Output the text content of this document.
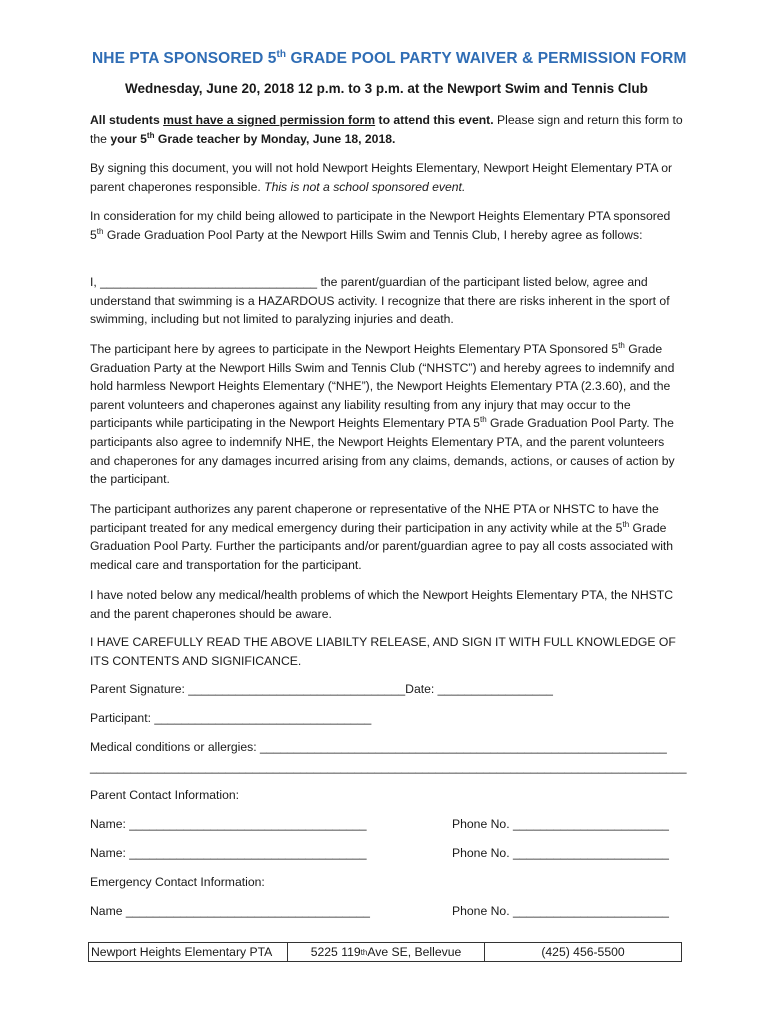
NHE PTA SPONSORED 5th GRADE POOL PARTY WAIVER & PERMISSION FORM
Wednesday, June 20, 2018 12 p.m. to 3 p.m. at the Newport Swim and Tennis Club
All students must have a signed permission form to attend this event. Please sign and return this form to the your 5th Grade teacher by Monday, June 18, 2018.
By signing this document, you will not hold Newport Heights Elementary, Newport Height Elementary PTA or parent chaperones responsible. This is not a school sponsored event.
In consideration for my child being allowed to participate in the Newport Heights Elementary PTA sponsored 5th Grade Graduation Pool Party at the Newport Hills Swim and Tennis Club, I hereby agree as follows:
I, ________________________________ the parent/guardian of the participant listed below, agree and understand that swimming is a HAZARDOUS activity. I recognize that there are risks inherent in the sport of swimming, including but not limited to paralyzing injuries and death.
The participant here by agrees to participate in the Newport Heights Elementary PTA Sponsored 5th Grade Graduation Party at the Newport Hills Swim and Tennis Club (“NHSTC”) and hereby agrees to indemnify and hold harmless Newport Heights Elementary (“NHE”), the Newport Heights Elementary PTA (2.3.60), and the parent volunteers and chaperones against any liability resulting from any injury that may occur to the participants while participating in the Newport Heights Elementary PTA 5th Grade Graduation Pool Party. The participants also agree to indemnify NHE, the Newport Heights Elementary PTA, and the parent volunteers and chaperones for any damages incurred arising from any claims, demands, actions, or causes of action by the participant.
The participant authorizes any parent chaperone or representative of the NHE PTA or NHSTC to have the participant treated for any medical emergency during their participation in any activity while at the 5th Grade Graduation Pool Party. Further the participants and/or parent/guardian agree to pay all costs associated with medical care and transportation for the participant.
I have noted below any medical/health problems of which the Newport Heights Elementary PTA, the NHSTC and the parent chaperones should be aware.
I HAVE CAREFULLY READ THE ABOVE LIABILTY RELEASE, AND SIGN IT WITH FULL KNOWLEDGE OF ITS CONTENTS AND SIGNIFICANCE.
Parent Signature: ________________________________Date: _________________
Participant: ________________________________
Medical conditions or allergies: ____________________________________________________________
________________________________________________________________________________________
Parent Contact Information:
Name: ___________________________________	Phone No. _______________________
Name: ___________________________________	Phone No. _______________________
Emergency Contact Information:
Name ____________________________________	Phone No. _______________________
Newport Heights Elementary PTA	5225 119 th Ave SE, Bellevue	(425) 456-5500
